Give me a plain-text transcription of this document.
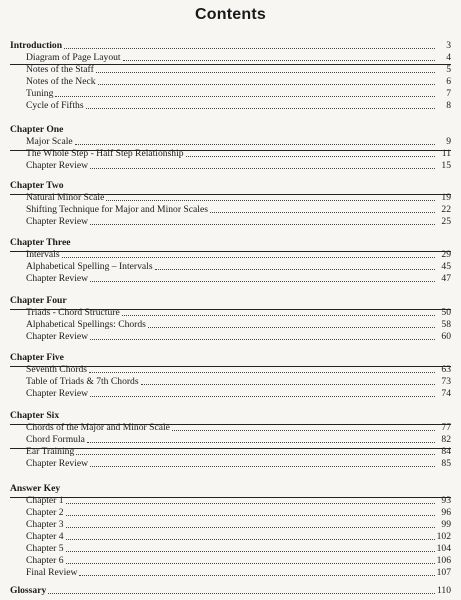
Contents
Introduction	3
Diagram of Page Layout	4
Notes of the Staff	5
Notes of the Neck	6
Tuning	7
Cycle of Fifths	8
Chapter One
Major Scale	9
The Whole Step - Half Step Relationship	11
Chapter Review	15
Chapter Two
Natural Minor Scale	19
Shifting Technique for Major and Minor Scales	22
Chapter Review	25
Chapter Three
Intervals	29
Alphabetical Spelling – Intervals	45
Chapter Review	47
Chapter Four
Triads - Chord Structure	50
Alphabetical Spellings: Chords	58
Chapter Review	60
Chapter Five
Seventh Chords	63
Table of Triads & 7th Chords	73
Chapter Review	74
Chapter Six
Chords of the Major and Minor Scale	77
Chord Formula	82
Ear Training	84
Chapter Review	85
Answer Key
Chapter 1	93
Chapter 2	96
Chapter 3	99
Chapter 4	102
Chapter 5	104
Chapter 6	106
Final Review	107
Glossary	110
